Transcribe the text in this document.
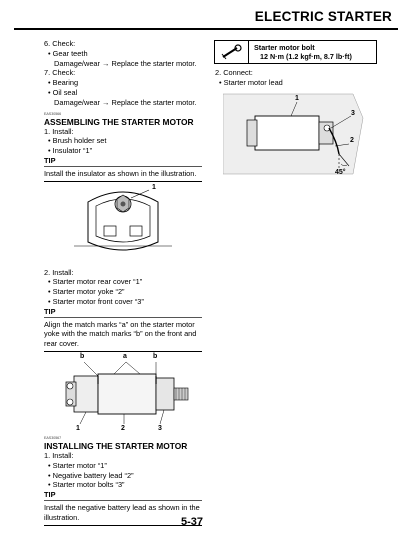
ELECTRIC STARTER
6. Check:
• Gear teeth
Damage/wear → Replace the starter motor.
7. Check:
• Bearing
• Oil seal
Damage/wear → Replace the starter motor.
EAS30566
ASSEMBLING THE STARTER MOTOR
1. Install:
• Brush holder set
• Insulator “1”
TIP
Install the insulator as shown in the illustration.
1
2. Install:
• Starter motor rear cover “1”
• Starter motor yoke “2”
• Starter motor front cover “3”
TIP
Align the match marks “a” on the starter motor yoke with the match marks “b” on the front and rear cover.
b	a	b
1	2	3
EAS30567
INSTALLING THE STARTER MOTOR
1. Install:
• Starter motor “1”
• Negative battery lead “2”
• Starter motor bolts “3”
TIP
Install the negative battery lead as shown in the illustration.
Starter motor bolt
12 N·m (1.2 kgf·m, 8.7 lb·ft)
2. Connect:
• Starter motor lead
1
3
2
45°
5-37
